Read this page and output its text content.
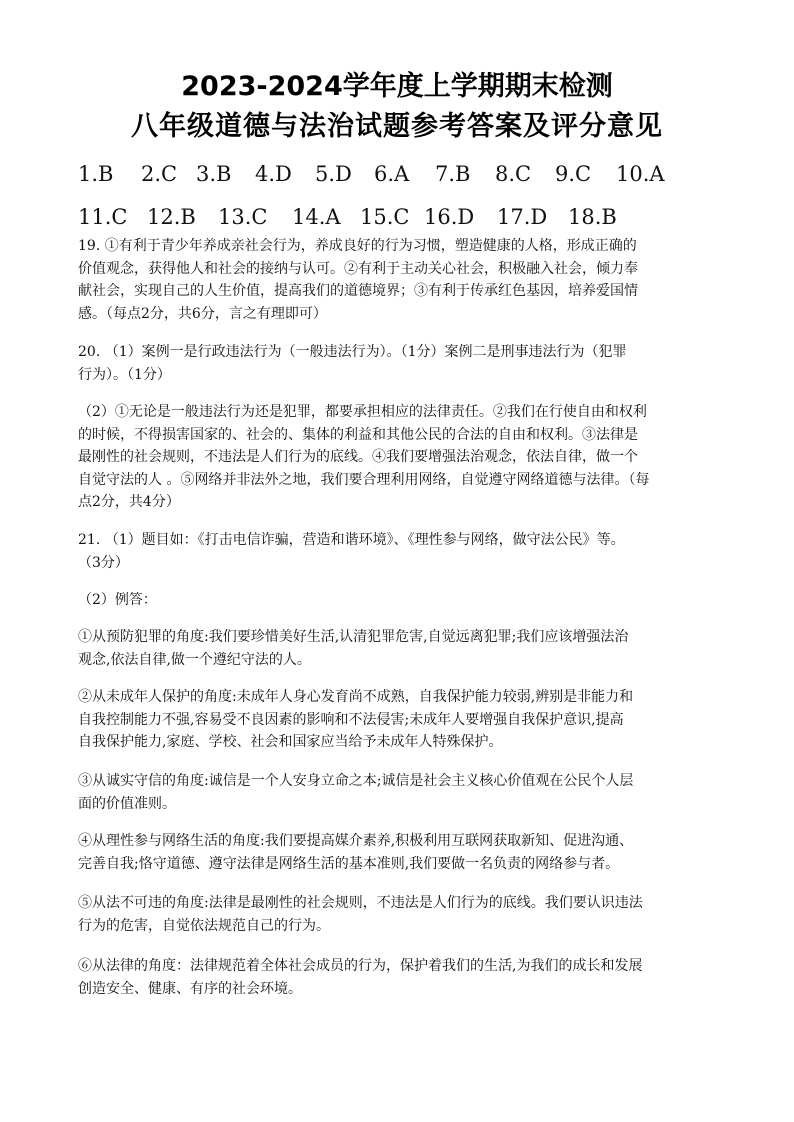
2023-2024学年度上学期期末检测
八年级道德与法治试题参考答案及评分意见
1.B 2.C 3.B 4.D 5.D 6.A 7.B 8.C 9.C 10.A
11.C 12.B 13.C 14.A 15.C 16.D 17.D 18.B
19. ①有利于青少年养成亲社会行为，养成良好的行为习惯，塑造健康的人格，形成正确的
价值观念，获得他人和社会的接纳与认可。②有利于主动关心社会，积极融入社会，倾力奉
献社会，实现自己的人生价值，提高我们的道德境界；③有利于传承红色基因，培养爱国情
感。（每点2分，共6分，言之有理即可）
20. （1）案例一是行政违法行为（一般违法行为）。（1分）案例二是刑事违法行为（犯罪
行为）。（1分）
（2）①无论是一般违法行为还是犯罪，都要承担相应的法律责任。②我们在行使自由和权利
的时候，不得损害国家的、社会的、集体的利益和其他公民的合法的自由和权利。③法律是
最刚性的社会规则，不违法是人们行为的底线。④我们要增强法治观念，依法自律，做一个
自觉守法的人 。⑤网络并非法外之地，我们要合理利用网络，自觉遵守网络道德与法律。（每
点2分，共4分）
21. （1）题目如：《打击电信诈骗，营造和谐环境》、《理性参与网络，做守法公民》等。
（3分）
（2）例答：
①从预防犯罪的角度:我们要珍惜美好生活,认清犯罪危害,自觉远离犯罪;我们应该增强法治
观念,依法自律,做一个遵纪守法的人。
②从未成年人保护的角度:未成年人身心发育尚不成熟，自我保护能力较弱,辨别是非能力和
自我控制能力不强,容易受不良因素的影响和不法侵害;未成年人要增强自我保护意识,提高
自我保护能力,家庭、学校、社会和国家应当给予未成年人特殊保护。
③从诚实守信的角度:诚信是一个人安身立命之本;诚信是社会主义核心价值观在公民个人层
面的价值准则。
④从理性参与网络生活的角度:我们要提高媒介素养,积极利用互联网获取新知、促进沟通、
完善自我;恪守道德、遵守法律是网络生活的基本准则,我们要做一名负责的网络参与者。
⑤从法不可违的角度:法律是最刚性的社会规则，不违法是人们行为的底线。我们要认识违法
行为的危害，自觉依法规范自己的行为。
⑥从法律的角度：法律规范着全体社会成员的行为，保护着我们的生活,为我们的成长和发展
创造安全、健康、有序的社会环境。
